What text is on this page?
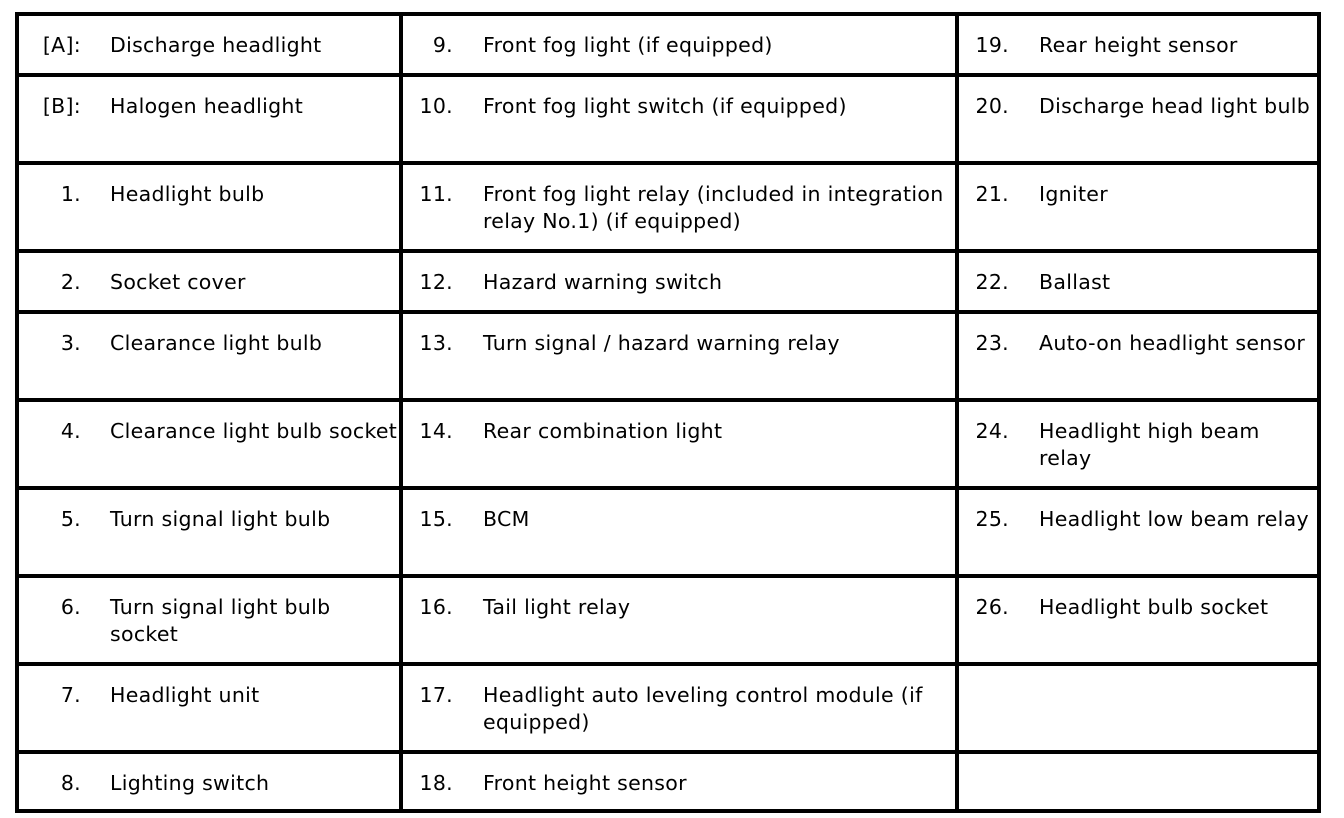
[A]: Discharge headlight	9. Front fog light (if equipped)	19. Rear height sensor

[B]: Halogen headlight	10. Front fog light switch (if equipped)	20. Discharge head light bulb

1. Headlight bulb	11. Front fog light relay (included in integration relay No.1) (if equipped)	21. Igniter

2. Socket cover	12. Hazard warning switch	22. Ballast

3. Clearance light bulb	13. Turn signal / hazard warning relay	23. Auto-on headlight sensor

4. Clearance light bulb socket	14. Rear combination light	24. Headlight high beam relay

5. Turn signal light bulb	15. BCM	25. Headlight low beam relay

6. Turn signal light bulb socket	16. Tail light relay	26. Headlight bulb socket

7. Headlight unit	17. Headlight auto leveling control module (if equipped)	

8. Lighting switch	18. Front height sensor	
